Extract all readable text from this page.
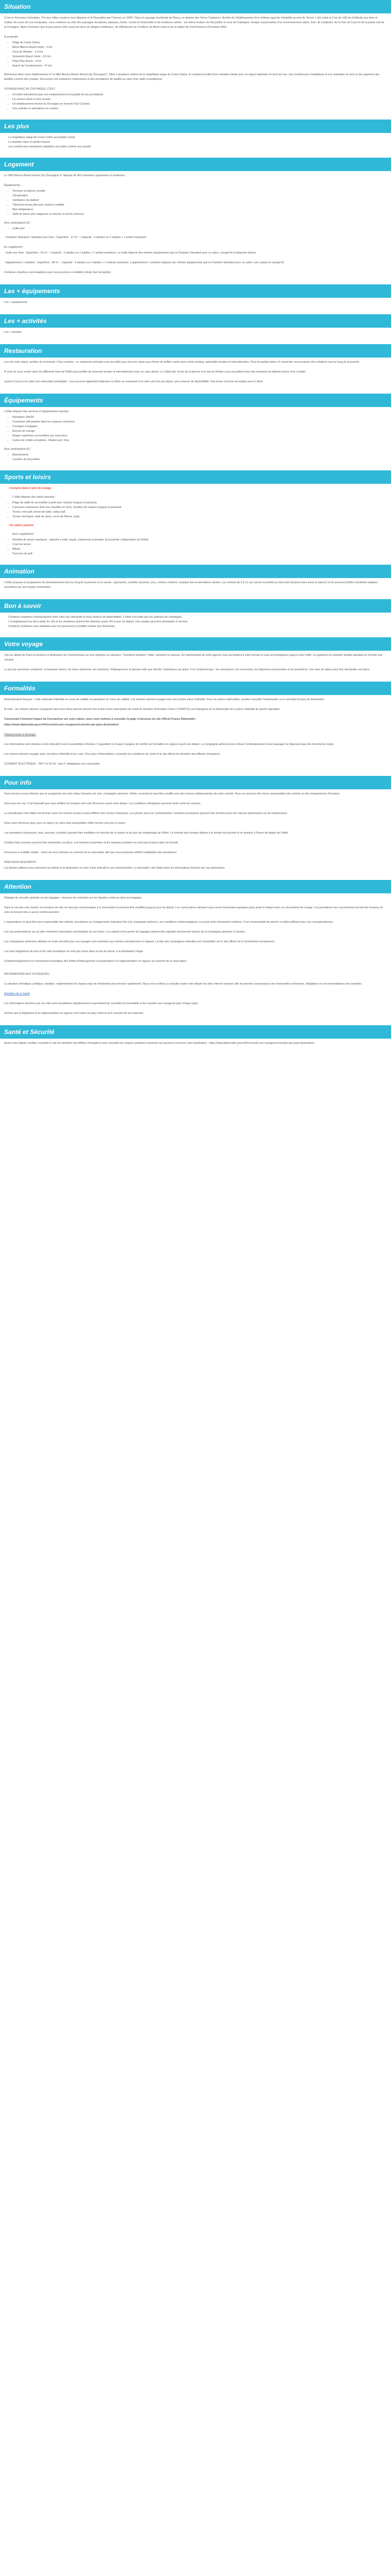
Situation

C'est en Pyrénées-Orientales. The aux milles couleurs tous Maynies et le Roussillon par l'Unesco en 2009 ! Dans le paysage occidental de Maury, se déploie des Terres Catalanes. Bordée de l'établissement d'un château agricole réhabilité au sein du Terroir. L'été soleil et 6 km de 130 km d'altitude aux sites et l'utilisé. Au cours de ces escapades, vous croiserez au côté des paysages de plaines, plateaux, forêts, monts et l'immensité et de nombreux arbres : les arbres fruitiers de Roussillon et ceux de Catalogne. Gorges surprenantes d'un environnement calme, frais, de Catalonie, de la Tour de Carol et de la pointe sud de la Cerdagne. Alpes Pyrénées que le jour passe entre aussi les lieux de villages médiévaux, de Villefranche de Conflent, de Mont-Louis et de la station de Font-Romeu à Pyrénées 2000.

À proximité :

• Plage de Costa Calma
• Mona Blanca Beach Hotel - 3 km
• Zona de Mirador - 2,4 km
• Sotavento Beach Hotel - 3,5 km
• Playa Rey beach - 4 km
• Airport de Fuerteventura - 47 km

Bienvenue dans notre établissement 4* le SBH Monica Beach Resort (by Ôvoyages*). Situé à quelques mètres de la magnifique plage de Costa Calma, le complexe profite d'une situation idéale pour un séjour balnéaire en bord de mer. Ses nombreuses installations et son animation en font un lieu apprécié des familles comme des couples. Découvrez une ambiance chaleureuse et des prestations de qualité au cœur d'un cadre exceptionnel.

VOYAGER AVEC BY ÔVOYAGES, C'EST :

• Un hôtel sélectionné pour son emplacement et la qualité de ses prestations
• Un service client à votre écoute
• Un établissement rénové by Ôvoyages en formule Tout Compris
• Des activités et animations en continu
Les plus
La magnifique plage de Costa Calma accessible à pied
La situation dans un jardin tropical
Les nombreuses animations adaptées aux petits comme aux grands
Logement

Le SBH Monica Beach Resort (by Ôvoyages) 4* dispose de 409 chambres spacieuses et modernes.

Équipements :

• Terrasse ou balcon meublé
• Climatisation
• Ventilateur de plafond
• Télévision écran plat avec chaînes satellite
• Mini-réfrigérateur
• Salle de bains avec baignoire ou douche et sèche-cheveux

Avec participation (€) :

• Coffre-fort

- Chambre Standard / Standard sea View : Superficie : 27 m² – Capacité : 3 adultes ou 2 adultes + 1 enfant maximum.

En supplément :

- Suite sea View : Superficie : 52 m² – Capacité : 3 adultes ou 2 adultes + 1 enfant maximum. La Suite dispose des mêmes équipements que la Chambre Standard avec un salon, canapé-lit et baignoire balnéo.

- Appartement 1 chambre : Superficie : 38 m² – Capacité : 4 adultes ou 2 adultes + 2 enfants maximum. L'appartement 1 chambre dispose des mêmes équipements que la Chambre Standard avec un salon, coin cuisine et canapé-lit.

Certaines chambres sont adaptées pour les personnes à mobilité réduite (sur demande).

Les + équipements

Les + équipements

Les + activités

Les + activités

Restauration

Lors de votre séjour, profitez de la formule «Tout compris». Le restaurant principal vous accueille pour tous les repas sous forme de buffets variés avec show cooking, spécialités locales et internationales. Pour les petites faims, le snack-bar vous propose des collations tout au long de la journée.

À vous de vous rendre dans les différents bars de l'hôtel pour profiter de boissons locales et internationales avec ou sans alcool. Le Lobby bar, le bar de la piscine et le bar du théâtre vous accueillent pour des moments de détente autour d'un cocktail.

Jusqu'à 3 jours à la carte (sur réservation préalable) : vous pourrez également déjeuner ou dîner au restaurant à la carte une fois par séjour, sous réserve de disponibilité. Une tenue correcte est exigée pour le dîner.

Équipements

L'hôtel dispose des services et équipements suivants :

• Réception 24h/24
• Connexion wifi gratuite dans les espaces communs
• Consigne à bagages
• Bureau de change
• Étages supérieurs accessibles par ascenseur
• Cartes de crédits acceptées : Mastercard, Visa

Avec participation (€) :

• Blanchisserie
• Location de bicyclettes
Sports et loisirs
• Compris dans le prix du voyage

L'hôtel dispose des loisirs suivants :

• Plage de sable fin accessible à pied avec chaises longues et parasols
• 5 piscines extérieures dont une chauffée en hiver, bordées de chaises longues et parasols
• Tennis, mini-golf, tennis de table, volley-ball
• Terrain omnisport, salle de sport, cours de fitness, yoga
• En option payante

Avec supplément :

• Activités de sports nautiques : planche à voile, kayak, catamaran et plongée (à proximité, indépendant de l'hôtel)
• Court de tennis
• Billard
• Parcours de golf
Animation

L'hôtel propose un programme de divertissements tout au long de la journée et en soirée : spectacles, activités sportives, jeux, soirées à thème, musique live et animations variées. Les enfants de 4 à 12 ans seront accueillis au mini-club (horaires fixes selon la saison) où ils pourront profiter d'activités ludiques encadrées par une équipe d'animation.

Bon à savoir
Certaines chambres communiquent entre elles (sur demande et sous réserve de disponibilité). L'hôtel n'accepte pas les animaux de compagnie.
L'enregistrement se fait à partir de 14h et les chambres doivent être libérées avant 12h le jour du départ. Une caution peut être demandée à l'arrivée.
Certaines chambres sont adaptées pour les personnes à mobilité réduite (sur demande).
Votre voyage

Vols au départ de Paris et province à destination de Fuerteventura sur vols réguliers ou spéciaux. Transferts aéroport / hôtel / aéroport en autocar. Un représentant de notre agence vous accueillera à votre arrivée et vous accompagnera jusqu'à votre hôtel. Le logement en chambre double standard en formule tout compris.

Le prix par personne comprend : le transport aérien, les taxes aériennes, les transferts, l'hébergement, la pension telle que décrite, l'assistance sur place. Il ne comprend pas : les assurances, les excursions, les dépenses personnelles et les pourboires. Une taxe de séjour peut être demandée sur place.

Formalités

Ressortissants français : carte nationale d'identité en cours de validité ou passeport en cours de validité. Les mineurs doivent voyager avec leur propre pièce d'identité. Pour les autres nationalités, veuillez consulter l'ambassade ou le consulat du pays de destination.

À noter : les enfants mineurs voyageant sans leurs deux parents doivent être munis d'une autorisation de sortie du territoire (formulaire Cerfa n°15646*01) accompagnée de la photocopie de la pièce d'identité du parent signataire.

Concernant l'éventuel impact du Coronavirus sur votre séjour, nous vous invitons à consulter la page ci-dessous du site officiel France Diplomatie :

https://www.diplomatie.gouv.fr/fr/conseils-aux-voyageurs/conseils-par-pays-destination/

Déplacements à l'étranger

Les informations sont données à titre indicatif et sont susceptibles d'évoluer. Il appartient à chaque voyageur de vérifier les formalités en vigueur avant son départ. La compagnie aérienne peut refuser l'embarquement à tout passager ne disposant pas des documents requis.

Les mineurs doivent voyager avec une pièce d'identité à leur nom. Pour plus d'informations, consultez les conditions de vente et le site officiel du ministère des Affaires étrangères.

COURANT ÉLECTRIQUE : 230 V et 50 Hz. Type F. Adaptateur non nécessaire.

Pour info

Nous tenons à vous informer que le programme de votre séjour (horaires de vols, compagnie aérienne, hôtels, excursions) peut être modifié pour des raisons indépendantes de notre volonté. Nous ne pouvons être tenus responsables des retards ou des changements d'horaires.

Dans tous les cas, il est impératif que vous vérifiiez les horaires des vols 48 heures avant votre départ. Les conditions climatiques peuvent varier selon les saisons.

La classification des hôtels est donnée selon les normes locales et peut différer des normes françaises. Les photos sont non contractuelles. Certaines prestations peuvent être fermées pour des raisons saisonnières ou de maintenance.

Nous vous informons que, pour ce séjour, les sites sont susceptibles d'être fermés d'un jour à l'autre.

Les prestations (restaurant, bars, piscines, activités) peuvent être modifiées en fonction de la saison et du taux de remplissage de l'hôtel. La formule tout compris débute à la remise du bracelet et se termine à l'heure de départ de l'hôtel.

Certains frais annexes peuvent être demandés sur place. Les boissons importées et les marques premium ne sont pas incluses dans la formule.

Personnes à mobilité réduite : merci de nous informer au moment de la réservation afin que nous puissions vérifier l'adaptation des prestations.

PRÉCISION DESCRIPTIF

Les photos utilisées pour présenter les hôtels et la destination ne sont à titre indicatif et non contractuelles. Le descriptif a été établi selon les informations fournies par nos partenaires.

Attention

Réglage de sécurité sanitaire sur les bagages : mesures de restriction sur les liquides contenus dans les bagages.

Dans le cas des vols charter, les horaires de vols ne sont pas communiqués à la réservation et peuvent être modifiés jusqu'au jour du départ. Les convocations aéroport vous seront transmises quelques jours avant le départ avec vos documents de voyage. Les prestations non consommées du fait des horaires de vols ne donnent lieu à aucun remboursement.

L'organisateur ne peut être tenu responsable des retards, annulations ou changements d'aéroport liés à la compagnie aérienne, aux conditions météorologiques ou à tout autre événement extérieur. Il est recommandé de prévoir un délai suffisant pour vos correspondances.

Les non-présentations au vol aller entraînent l'annulation automatique du vol retour. Les retards et les pertes de bagages doivent être signalés directement auprès de la compagnie aérienne à l'arrivée.

Les compagnies aériennes utilisées en toute sécurité pour vos voyages sont soumises aux normes européennes en vigueur. La liste des compagnies interdites est consultable sur le site officiel de la Commission européenne.

Les frais obligatoires de visa et de carte touristique ne sont pas inclus dans le prix du séjour si la destination l'exige.

Chambres/logement et le mouvement touristique des hôtels d'hébergement correspondent à la réglementation en vigueur au moment de la réservation.

INFORMATIONS AUX VOYAGEURS :

La situation climatique, politique, sanitaire, réglementaire de chaque pays de destination peut évoluer rapidement. Nous vous invitons à consulter avant votre départ les sites Internet suivants afin de prendre connaissance des éventuelles restrictions, obligations ou recommandations des autorités :

Ministère de la Santé

Les informations données par ces sites sont actualisées régulièrement et permettent de connaître les formalités et les conseils aux voyageurs pour chaque pays.

Sachez que la législation et la réglementation en vigueur sont celles du pays visité et qu'il convient de les respecter.

Santé et Sécurité

Avant votre départ, veuillez consulter le site du ministère des Affaires étrangères pour connaître les risques sanitaires éventuels qui peuvent concerner votre destination : https://www.diplomatie.gouv.fr/fr/conseils-aux-voyageurs/conseils-par-pays-destination/
